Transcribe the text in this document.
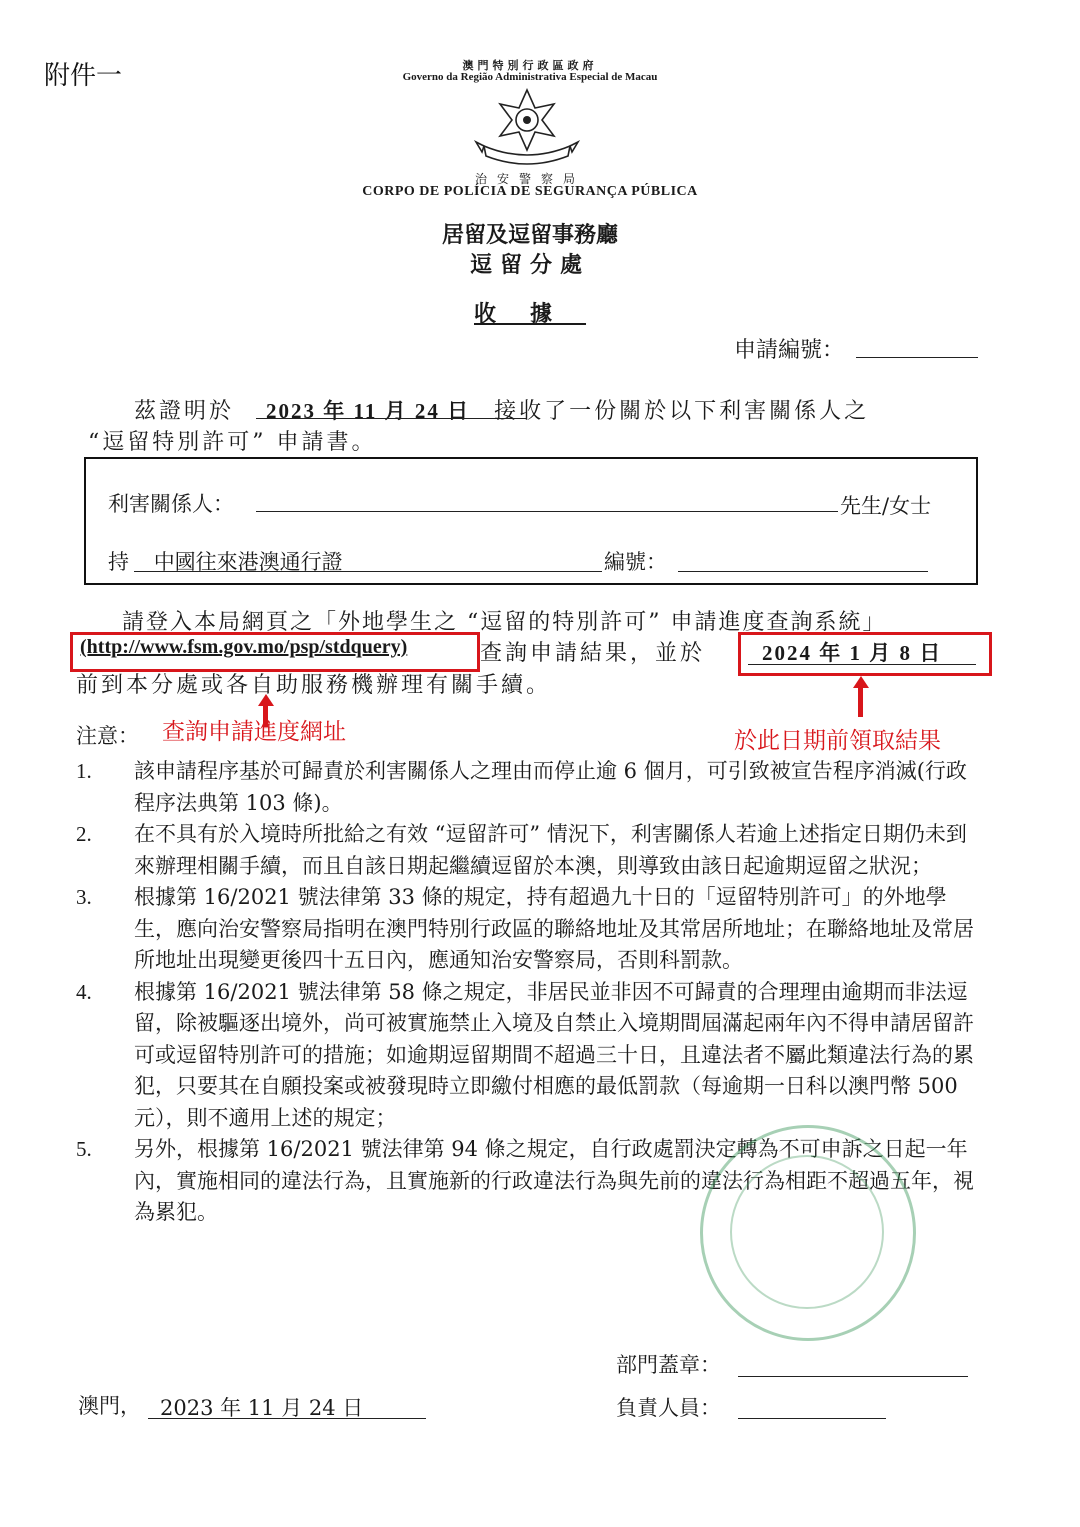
附件一	澳門特別行政區政府
Governo da Região Administrativa Especial de Macau
治安警察局
CORPO DE POLÍCIA DE SEGURANÇA PÚBLICA
居留及逗留事務廳
逗留分處
收據
申請編號：
茲證明於 2023 年 11 月 24 日 接收了一份關於以下利害關係人之
“逗留特別許可” 申請書。
利害關係人：	先生/女士
持 中國往來港澳通行證	編號：
請登入本局網頁之「外地學生之 “逗留的特別許可” 申請進度查詢系統」
(http://www.fsm.gov.mo/psp/stdquery)	查詢申請結果，並於	2024 年 1 月 8 日
前到本分處或各自助服務機辦理有關手續。
查詢申請進度網址	於此日期前領取結果
注意：
1.	該申請程序基於可歸責於利害關係人之理由而停止逾 6 個月，可引致被宣告程序消滅(行政程序法典第 103 條)。
2.	在不具有於入境時所批給之有效 “逗留許可” 情況下，利害關係人若逾上述指定日期仍未到來辦理相關手續，而且自該日期起繼續逗留於本澳，則導致由該日起逾期逗留之狀況；
3.	根據第 16/2021 號法律第 33 條的規定，持有超過九十日的「逗留特別許可」的外地學生，應向治安警察局指明在澳門特別行政區的聯絡地址及其常居所地址；在聯絡地址及常居所地址出現變更後四十五日內，應通知治安警察局，否則科罰款。
4.	根據第 16/2021 號法律第 58 條之規定，非居民並非因不可歸責的合理理由逾期而非法逗留，除被驅逐出境外，尚可被實施禁止入境及自禁止入境期間屆滿起兩年內不得申請居留許可或逗留特別許可的措施；如逾期逗留期間不超過三十日，且違法者不屬此類違法行為的累犯，只要其在自願投案或被發現時立即繳付相應的最低罰款（每逾期一日科以澳門幣 500 元），則不適用上述的規定；
5.	另外，根據第 16/2021 號法律第 94 條之規定，自行政處罰決定轉為不可申訴之日起一年內，實施相同的違法行為，且實施新的行政違法行為與先前的違法行為相距不超過五年，視為累犯。
部門蓋章：
澳門， 2023 年 11 月 24 日	負責人員：
